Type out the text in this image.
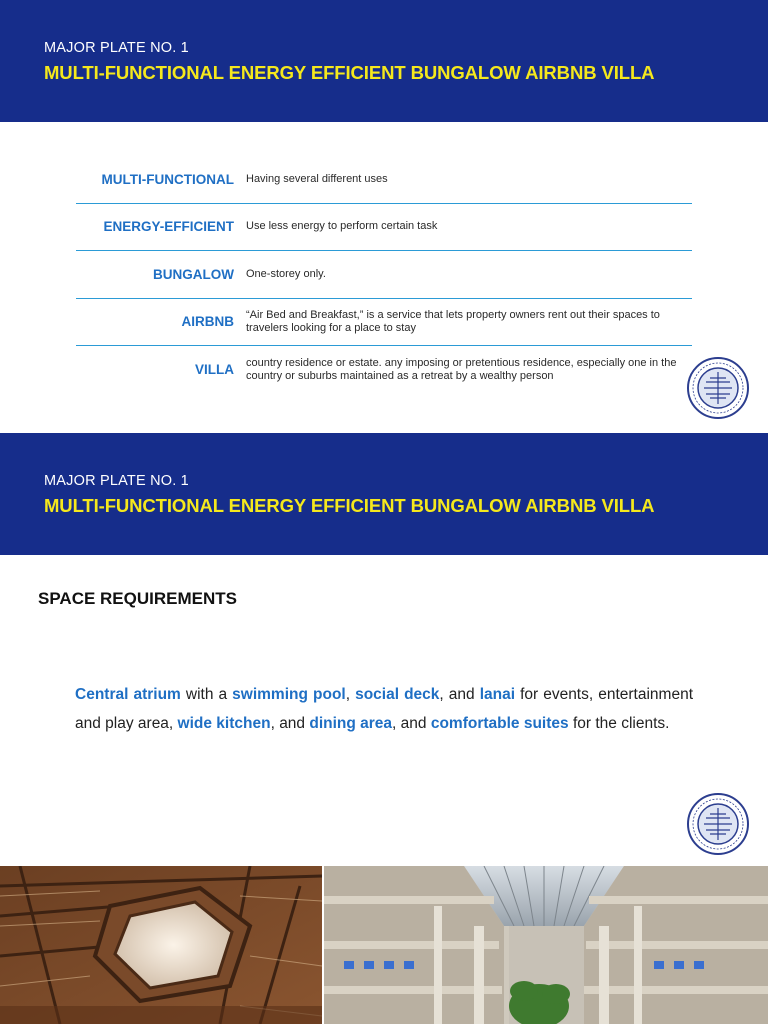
MAJOR PLATE NO. 1
MULTI-FUNCTIONAL ENERGY EFFICIENT BUNGALOW AIRBNB VILLA
MULTI-FUNCTIONAL Having several different uses
ENERGY-EFFICIENT Use less energy to perform certain task
BUNGALOW One-storey only.
AIRBNB “Air Bed and Breakfast,” is a service that lets property owners rent out their spaces to travelers looking for a place to stay
VILLA country residence or estate. any imposing or pretentious residence, especially one in the country or suburbs maintained as a retreat by a wealthy person
MAJOR PLATE NO. 1
MULTI-FUNCTIONAL ENERGY EFFICIENT BUNGALOW AIRBNB VILLA
SPACE REQUIREMENTS
Central atrium with a swimming pool, social deck, and lanai for events, entertainment and play area, wide kitchen, and dining area, and comfortable suites for the clients.
